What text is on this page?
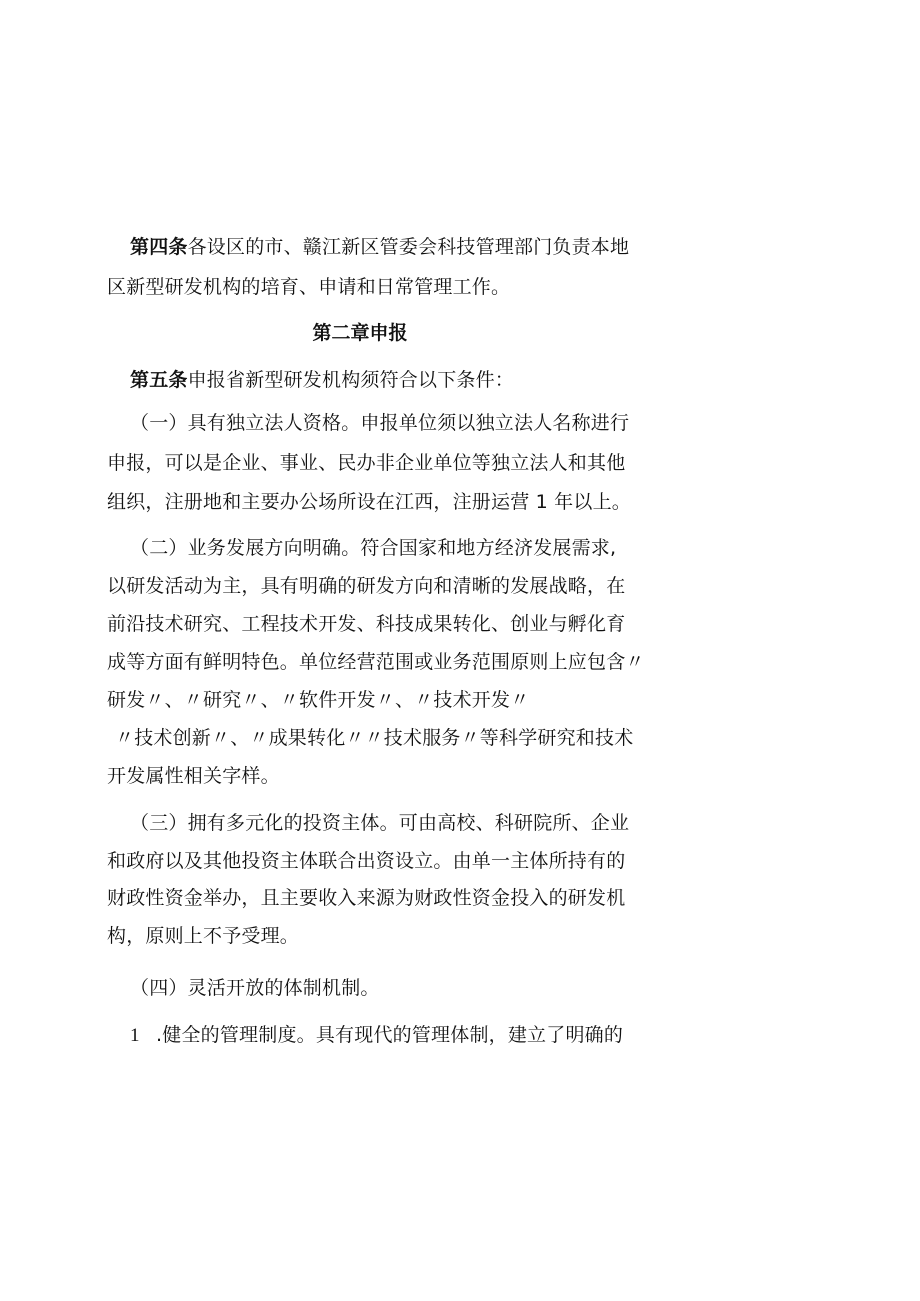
第四条各设区的市、赣江新区管委会科技管理部门负责本地
区新型研发机构的培育、申请和日常管理工作。
第二章申报
第五条申报省新型研发机构须符合以下条件：
（一）具有独立法人资格。申报单位须以独立法人名称进行
申报，可以是企业、事业、民办非企业单位等独立法人和其他
组织，注册地和主要办公场所设在江西，注册运营 1 年以上。
（二）业务发展方向明确。符合国家和地方经济发展需求,
以研发活动为主，具有明确的研发方向和清晰的发展战略，在
前沿技术研究、工程技术开发、科技成果转化、创业与孵化育
成等方面有鲜明特色。单位经营范围或业务范围原则上应包含〃
研发〃、〃研究〃、〃软件开发〃、〃技术开发〃
〃技术创新〃、〃成果转化〃〃技术服务〃等科学研究和技术
开发属性相关字样。
（三）拥有多元化的投资主体。可由高校、科研院所、企业
和政府以及其他投资主体联合出资设立。由单一主体所持有的
财政性资金举办，且主要收入来源为财政性资金投入的研发机
构，原则上不予受理。
（四）灵活开放的体制机制。
1 .健全的管理制度。具有现代的管理体制，建立了明确的
